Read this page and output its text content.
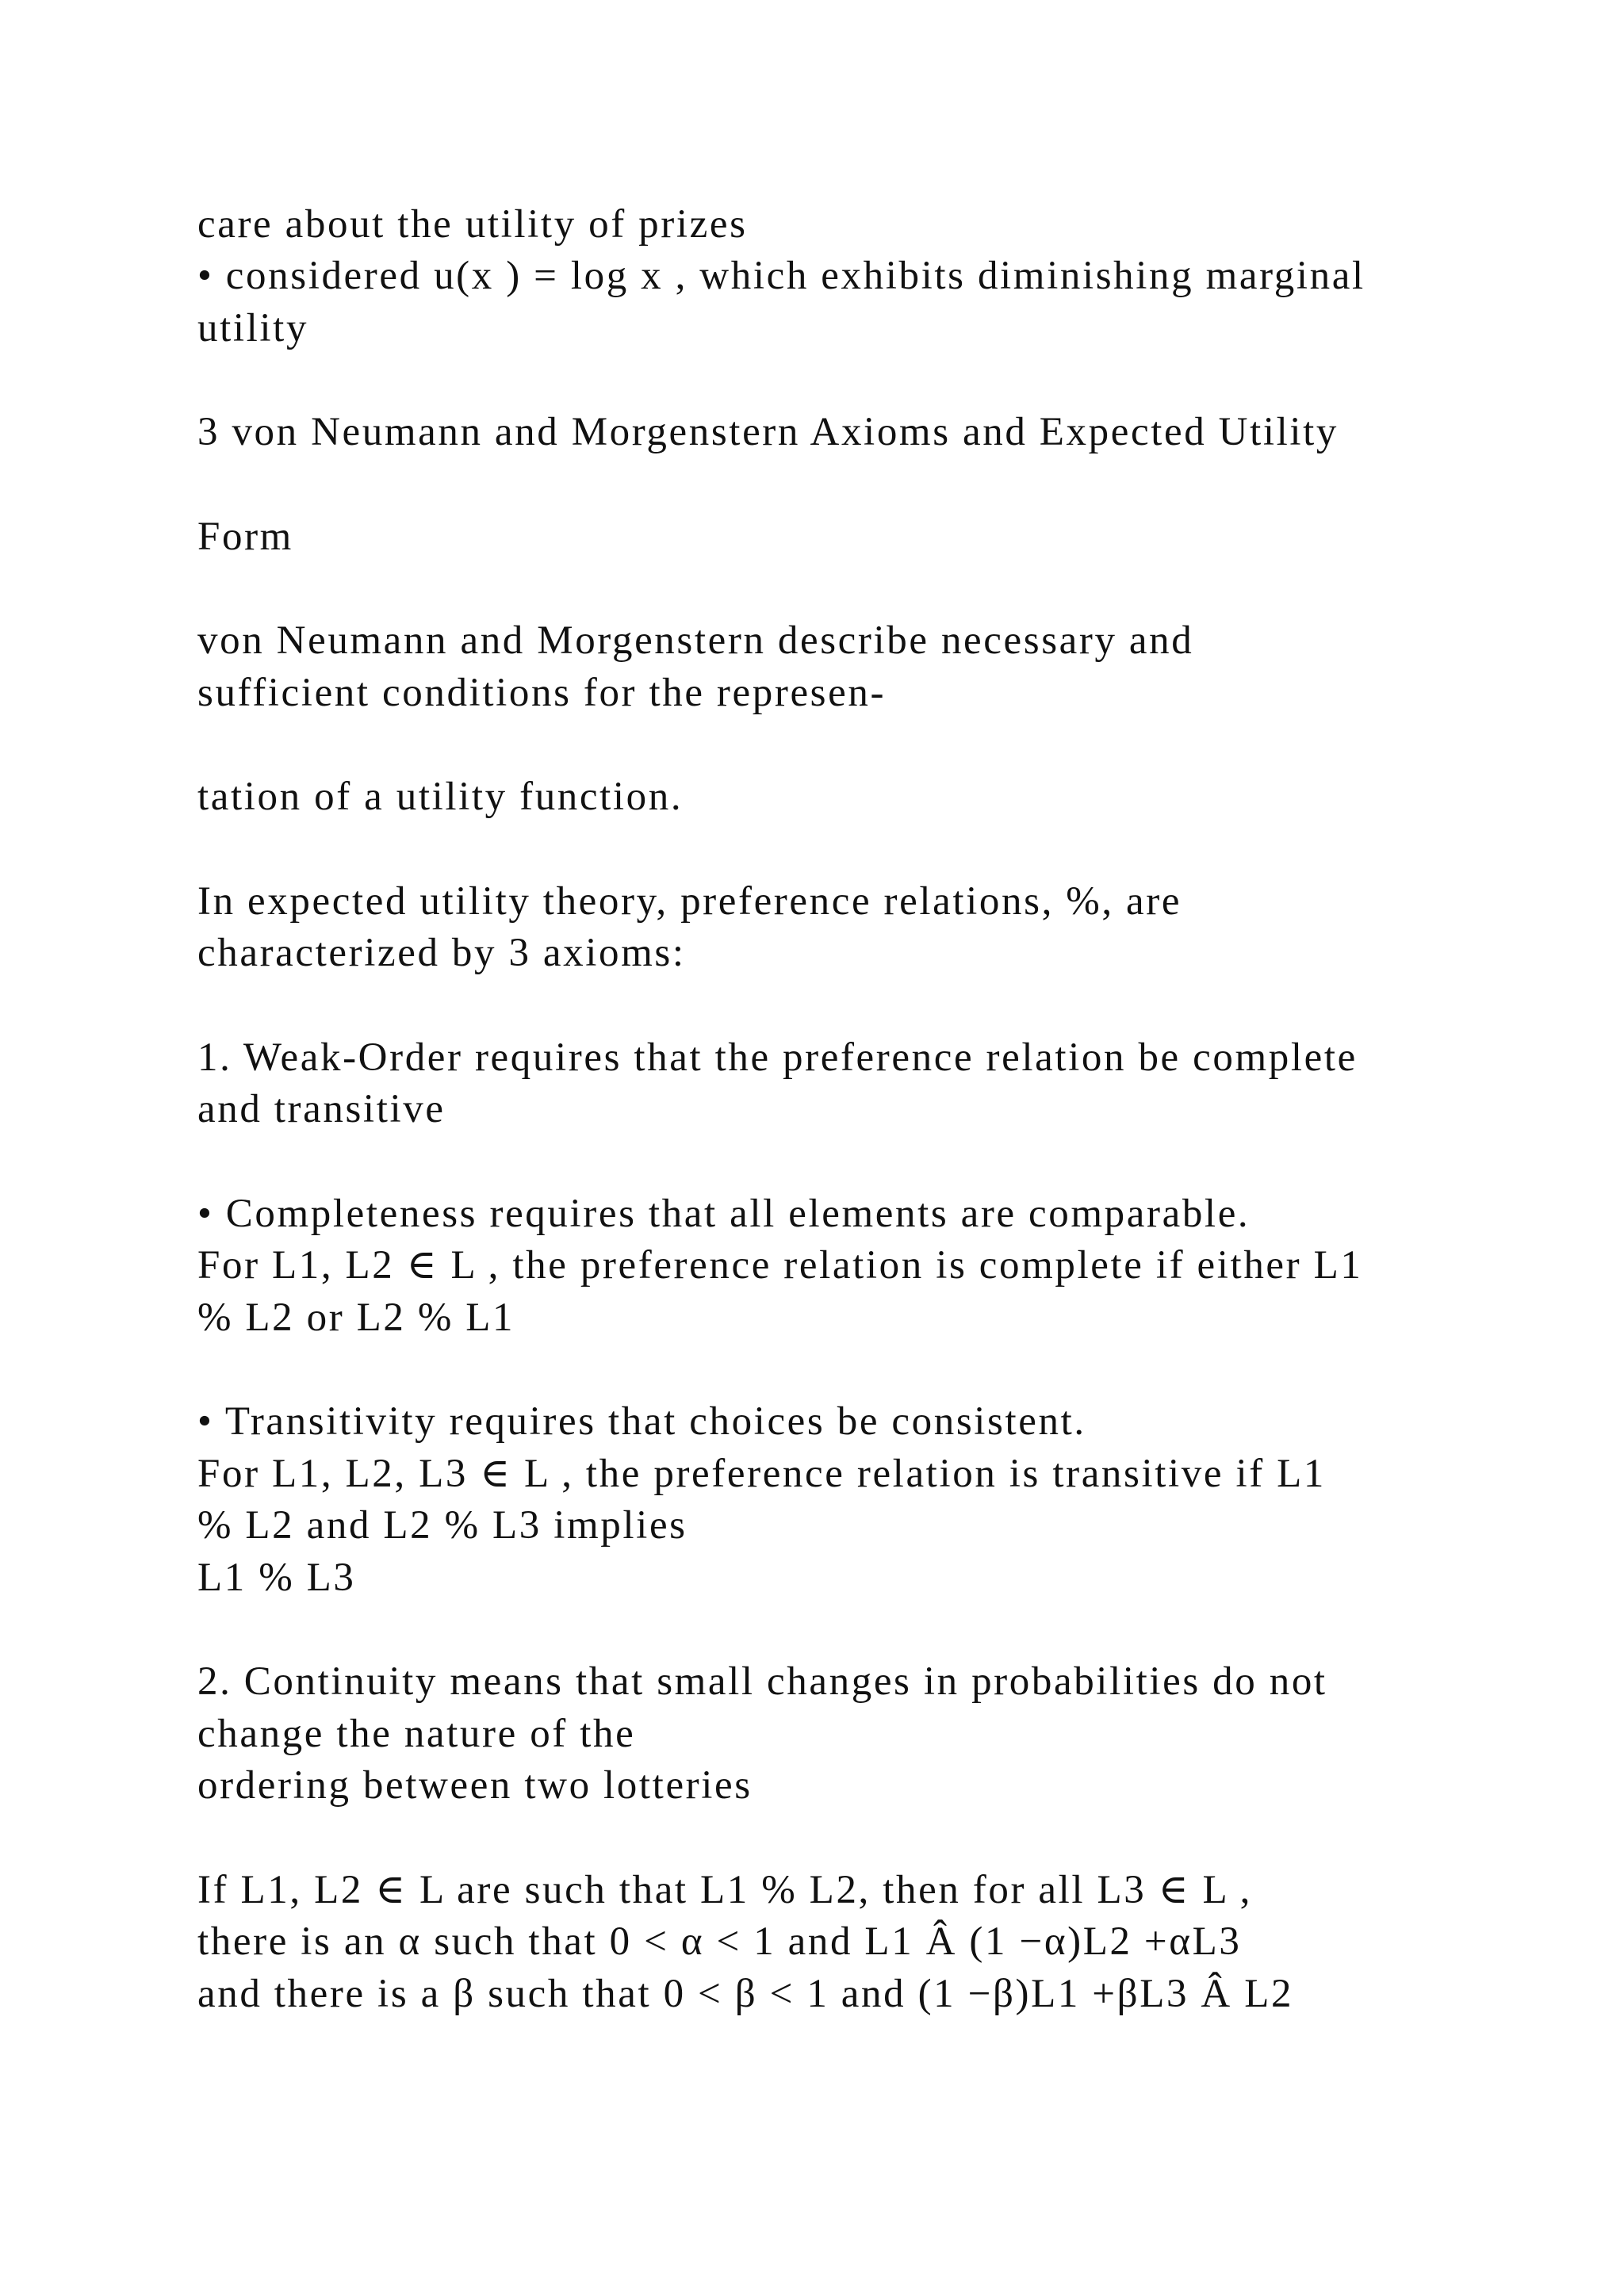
care about the utility of prizes
• considered u(x ) = log x , which exhibits diminishing marginal
utility
3 von Neumann and Morgenstern Axioms and Expected Utility
Form
von Neumann and Morgenstern describe necessary and
sufficient conditions for the represen-
tation of a utility function.
In expected utility theory, preference relations, %, are
characterized by 3 axioms:
1. Weak-Order requires that the preference relation be complete
and transitive
• Completeness requires that all elements are comparable.
For L1, L2 ∈ L , the preference relation is complete if either L1
% L2 or L2 % L1
• Transitivity requires that choices be consistent.
For L1, L2, L3 ∈ L , the preference relation is transitive if L1
% L2 and L2 % L3 implies
L1 % L3
2. Continuity means that small changes in probabilities do not
change the nature of the
ordering between two lotteries
If L1, L2 ∈ L are such that L1 % L2, then for all L3 ∈ L ,
there is an α such that 0 < α < 1 and L1 Â (1 −α)L2 +αL3
and there is a β such that 0 < β < 1 and (1 −β)L1 +βL3 Â L2
